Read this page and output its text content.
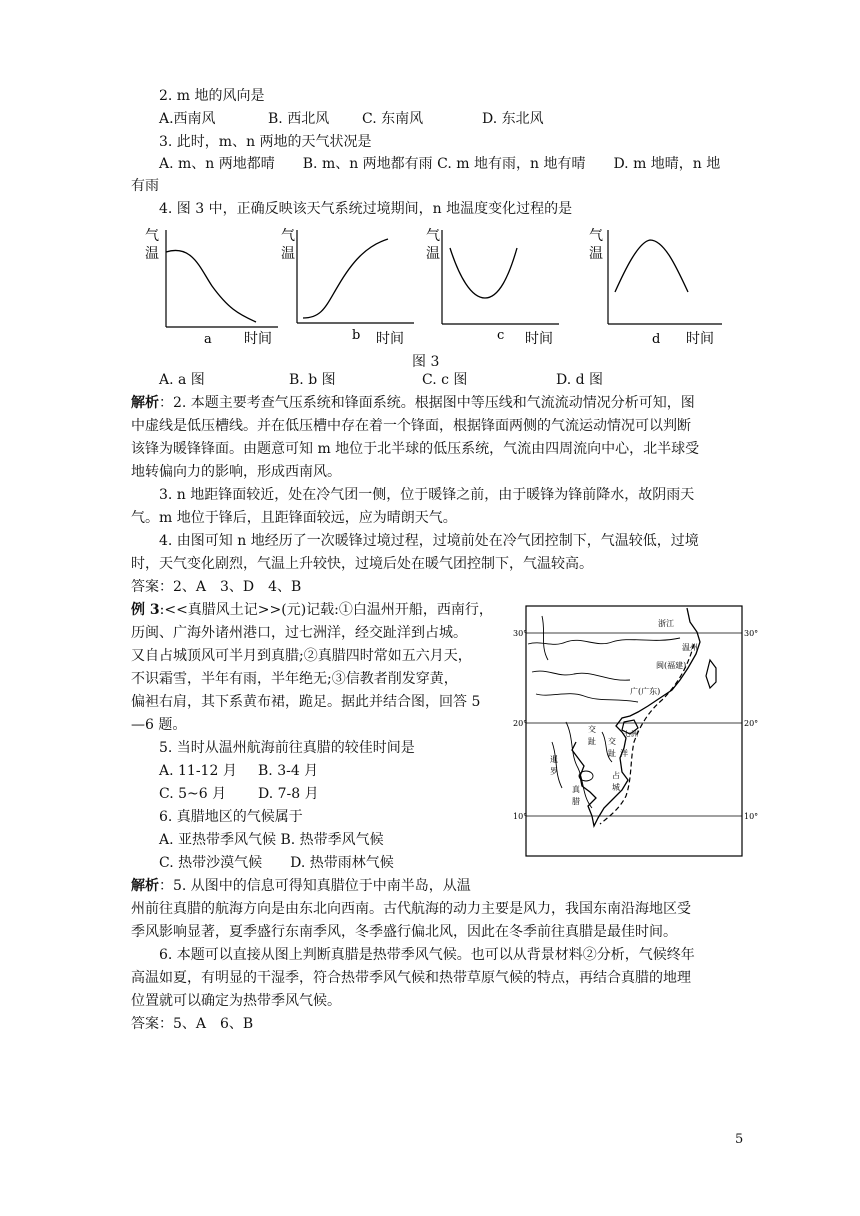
2. m 地的风向是
A.西南风	B. 西北风 C. 东南风	D. 东北风
3. 此时，m、n 两地的天气状况是
A. m、n 两地都晴　　B. m、n 两地都有雨 C. m 地有雨，n 地有晴　　D. m 地晴，n 地
有雨
4. 图 3 中，正确反映该天气系统过境期间，n 地温度变化过程的是
气
温
a 时间
气
温
b 时间
气
温
c 时间
气
温
d 时间
图 3
A. a 图	B. b 图	C. c 图	D. d 图
解析：2. 本题主要考查气压系统和锋面系统。根据图中等压线和气流流动情况分析可知，图
中虚线是低压槽线。并在低压槽中存在着一个锋面，根据锋面两侧的气流运动情况可以判断
该锋为暖锋锋面。由题意可知 m 地位于北半球的低压系统，气流由四周流向中心，北半球受
地转偏向力的影响，形成西南风。
3. n 地距锋面较近，处在冷气团一侧，位于暖锋之前，由于暖锋为锋前降水，故阴雨天
气。m 地位于锋后，且距锋面较远，应为晴朗天气。
4. 由图可知 n 地经历了一次暖锋过境过程，过境前处在冷气团控制下，气温较低，过境
时，天气变化剧烈，气温上升较快，过境后处在暖气团控制下，气温较高。
答案：2、A　3、D　4、B
例 3:<<真腊风土记>>(元)记载:①白温州开船，西南行，
历闽、广海外诸州港口，过七洲洋，经交趾洋到占城。
又自占城顶风可半月到真腊;②真腊四时常如五六月天，
不识霜雪，半年有雨，半年绝无;③信教者削发穿黄，
偏袒右肩，其下系黄布裙，跪足。据此并结合图，回答 5
—6 题。
5. 当时从温州航海前往真腊的较佳时间是
A. 11-12 月 B. 3-4 月
C. 5~6 月 D. 7-8 月
6. 真腊地区的气候属于
A. 亚热带季风气候 B. 热带季风气候
C. 热带沙漠气候　　D. 热带雨林气候
解析：5. 从图中的信息可得知真腊位于中南半岛，从温
州前往真腊的航海方向是由东北向西南。古代航海的动力主要是风力，我国东南沿海地区受
季风影响显著，夏季盛行东南季风，冬季盛行偏北风，因此在冬季前往真腊是最佳时间。
6. 本题可以直接从图上判断真腊是热带季风气候。也可以从背景材料②分析，气候终年
高温如夏，有明显的干湿季，符合热带季风气候和热带草原气候的特点，再结合真腊的地理
位置就可以确定为热带季风气候。
答案：5、A　6、B
30°	30°
20°	20°
10°	10°
浙江
温州
闽(福建)
广(广东)
交
趾 交
趾 洋
七洲
占
城
暹
罗
真
腊
5
